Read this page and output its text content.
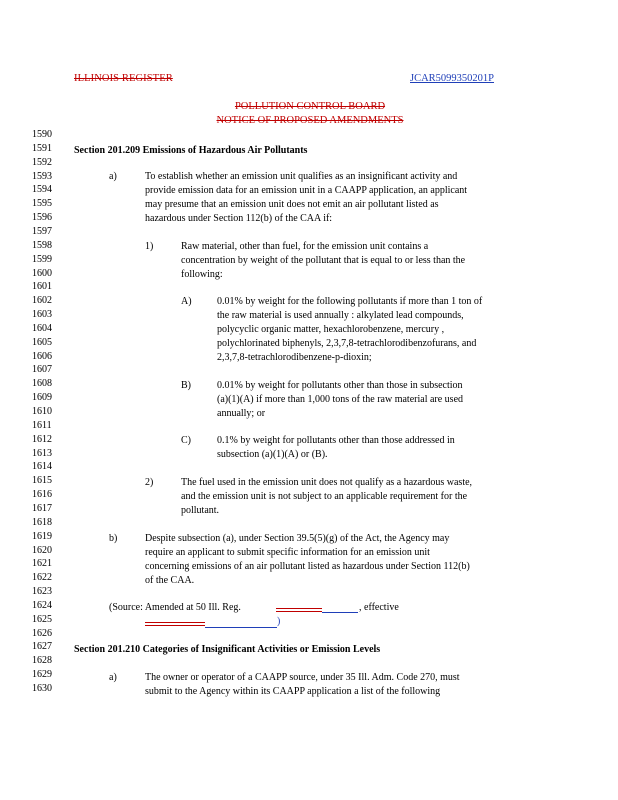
ILLINOIS REGISTER	JCAR5099350201P
POLLUTION CONTROL BOARD
NOTICE OF PROPOSED AMENDMENTS
1590
1591
1592
1593
1594
1595
1596
1597
1598
1599
1600
1601
1602
1603
1604
1605
1606
1607
1608
1609
1610
1611
1612
1613
1614
1615
1616
1617
1618
1619
1620
1621
1622
1623
1624
1625
1626
1627
1628
1629
1630
Section 201.209 Emissions of Hazardous Air Pollutants
a)	To establish whether an emission unit qualifies as an insignificant activity and
provide emission data for an emission unit in a CAAPP application, an applicant
may presume that an emission unit does not emit an air pollutant listed as
hazardous under Section 112(b) of the CAA if:
1)	Raw material, other than fuel, for the emission unit contains a
concentration by weight of the pollutant that is equal to or less than the
following:
A)	0.01% by weight for the following pollutants if more than 1 ton of
the raw material is used annually : alkylated lead compounds,
polycyclic organic matter, hexachlorobenzene, mercury ,
polychlorinated biphenyls, 2,3,7,8-tetrachlorodibenzofurans, and
2,3,7,8-tetrachlorodibenzene-p-dioxin;
B)	0.01% by weight for pollutants other than those in subsection
(a)(1)(A) if more than 1,000 tons of the raw material are used
annually; or
C)	0.1% by weight for pollutants other than those addressed in
subsection (a)(1)(A) or (B).
2)	The fuel used in the emission unit does not qualify as a hazardous waste,
and the emission unit is not subject to an applicable requirement for the
pollutant.
b)	Despite subsection (a), under Section 39.5(5)(g) of the Act, the Agency may
require an applicant to submit specific information for an emission unit
concerning emissions of an air pollutant listed as hazardous under Section 112(b)
of the CAA.
(Source: Amended at 50 Ill. Reg.	, effective
)
Section 201.210 Categories of Insignificant Activities or Emission Levels
a)	The owner or operator of a CAAPP source, under 35 Ill. Adm. Code 270, must
submit to the Agency within its CAAPP application a list of the following
